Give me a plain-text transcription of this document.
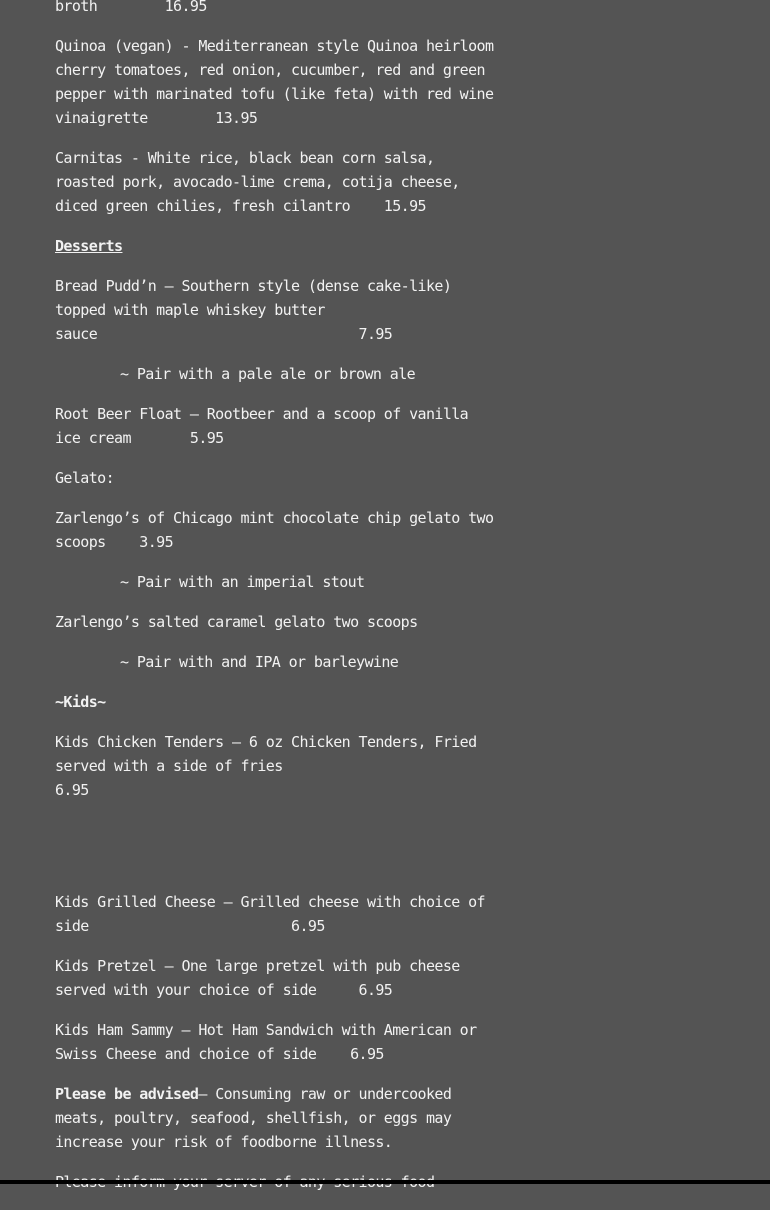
broth        16.95

Quinoa (vegan) - Mediterranean style Quinoa heirloom cherry tomatoes, red onion, cucumber, red and green pepper with marinated tofu (like feta) with red wine vinaigrette        13.95

Carnitas - White rice, black bean corn salsa, roasted pork, avocado-lime crema, cotija cheese, diced green chilies, fresh cilantro    15.95

Desserts

Bread Pudd’n — Southern style (dense cake-like) topped with maple whiskey butter
sauce                               7.95

~ Pair with a pale ale or brown ale

Root Beer Float — Rootbeer and a scoop of vanilla ice cream       5.95

Gelato:

Zarlengo’s of Chicago mint chocolate chip gelato two scoops    3.95

~ Pair with an imperial stout

Zarlengo’s salted caramel gelato two scoops

~ Pair with and IPA or barleywine

~Kids~

Kids Chicken Tenders — 6 oz Chicken Tenders, Fried served with a side of fries
6.95

Kids Grilled Cheese — Grilled cheese with choice of side                        6.95

Kids Pretzel — One large pretzel with pub cheese served with your choice of side     6.95

Kids Ham Sammy — Hot Ham Sandwich with American or Swiss Cheese and choice of side    6.95

Please be advised— Consuming raw or undercooked meats, poultry, seafood, shellfish, or eggs may increase your risk of foodborne illness.
